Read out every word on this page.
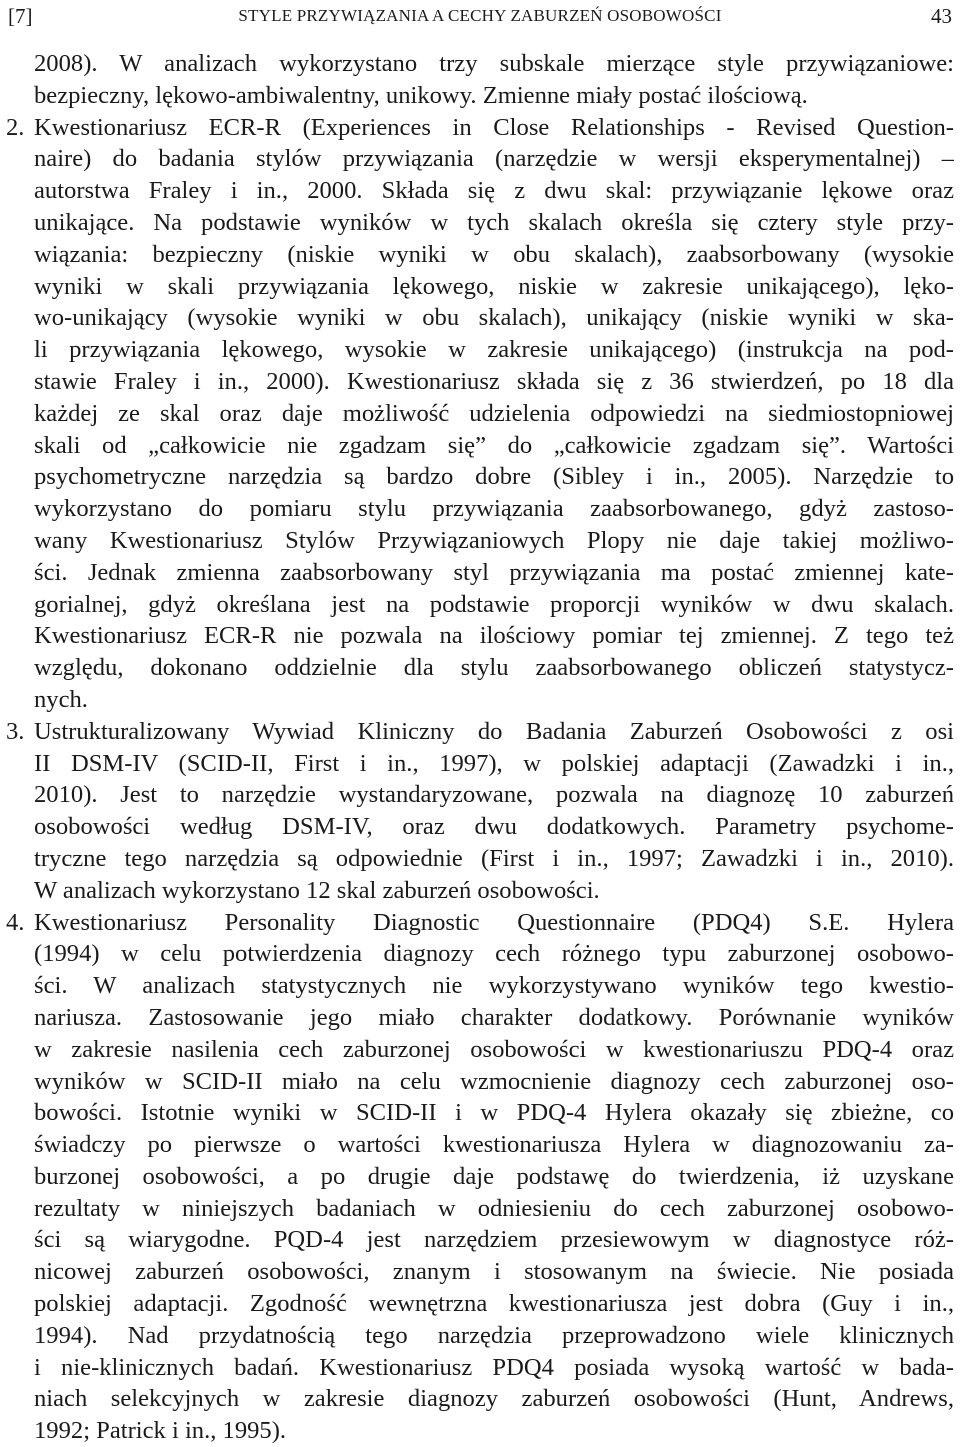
[7]	STYLE PRZYWIĄZANIA A CECHY ZABURZEŃ OSOBOWOŚCI	43
2008). W analizach wykorzystano trzy subskale mierzące style przywiązaniowe:
bezpieczny, lękowo-ambiwalentny, unikowy. Zmienne miały postać ilościową.
2. Kwestionariusz ECR-R (Experiences in Close Relationships - Revised Question-
naire) do badania stylów przywiązania (narzędzie w wersji eksperymentalnej) –
autorstwa Fraley i in., 2000. Składa się z dwu skal: przywiązanie lękowe oraz
unikające. Na podstawie wyników w tych skalach określa się cztery style przy-
wiązania: bezpieczny (niskie wyniki w obu skalach), zaabsorbowany (wysokie
wyniki w skali przywiązania lękowego, niskie w zakresie unikającego), lęko-
wo-unikający (wysokie wyniki w obu skalach), unikający (niskie wyniki w ska-
li przywiązania lękowego, wysokie w zakresie unikającego) (instrukcja na pod-
stawie Fraley i in., 2000). Kwestionariusz składa się z 36 stwierdzeń, po 18 dla
każdej ze skal oraz daje możliwość udzielenia odpowiedzi na siedmiostopniowej
skali od „całkowicie nie zgadzam się” do „całkowicie zgadzam się”. Wartości
psychometryczne narzędzia są bardzo dobre (Sibley i in., 2005). Narzędzie to
wykorzystano do pomiaru stylu przywiązania zaabsorbowanego, gdyż zastoso-
wany Kwestionariusz Stylów Przywiązaniowych Plopy nie daje takiej możliwo-
ści. Jednak zmienna zaabsorbowany styl przywiązania ma postać zmiennej kate-
gorialnej, gdyż określana jest na podstawie proporcji wyników w dwu skalach.
Kwestionariusz ECR-R nie pozwala na ilościowy pomiar tej zmiennej. Z tego też
względu, dokonano oddzielnie dla stylu zaabsorbowanego obliczeń statystycz-
nych.
3. Ustrukturalizowany Wywiad Kliniczny do Badania Zaburzeń Osobowości z osi
II DSM-IV (SCID-II, First i in., 1997), w polskiej adaptacji (Zawadzki i in.,
2010). Jest to narzędzie wystandaryzowane, pozwala na diagnozę 10 zaburzeń
osobowości według DSM-IV, oraz dwu dodatkowych. Parametry psychome-
tryczne tego narzędzia są odpowiednie (First i in., 1997; Zawadzki i in., 2010).
W analizach wykorzystano 12 skal zaburzeń osobowości.
4. Kwestionariusz Personality Diagnostic Questionnaire (PDQ4) S.E. Hylera
(1994) w celu potwierdzenia diagnozy cech różnego typu zaburzonej osobowo-
ści. W analizach statystycznych nie wykorzystywano wyników tego kwestio-
nariusza. Zastosowanie jego miało charakter dodatkowy. Porównanie wyników
w zakresie nasilenia cech zaburzonej osobowości w kwestionariuszu PDQ-4 oraz
wyników w SCID-II miało na celu wzmocnienie diagnozy cech zaburzonej oso-
bowości. Istotnie wyniki w SCID-II i w PDQ-4 Hylera okazały się zbieżne, co
świadczy po pierwsze o wartości kwestionariusza Hylera w diagnozowaniu za-
burzonej osobowości, a po drugie daje podstawę do twierdzenia, iż uzyskane
rezultaty w niniejszych badaniach w odniesieniu do cech zaburzonej osobowo-
ści są wiarygodne. PQD-4 jest narzędziem przesiewowym w diagnostyce róż-
nicowej zaburzeń osobowości, znanym i stosowanym na świecie. Nie posiada
polskiej adaptacji. Zgodność wewnętrzna kwestionariusza jest dobra (Guy i in.,
1994). Nad przydatnością tego narzędzia przeprowadzono wiele klinicznych
i nie-klinicznych badań. Kwestionariusz PDQ4 posiada wysoką wartość w bada-
niach selekcyjnych w zakresie diagnozy zaburzeń osobowości (Hunt, Andrews,
1992; Patrick i in., 1995).
